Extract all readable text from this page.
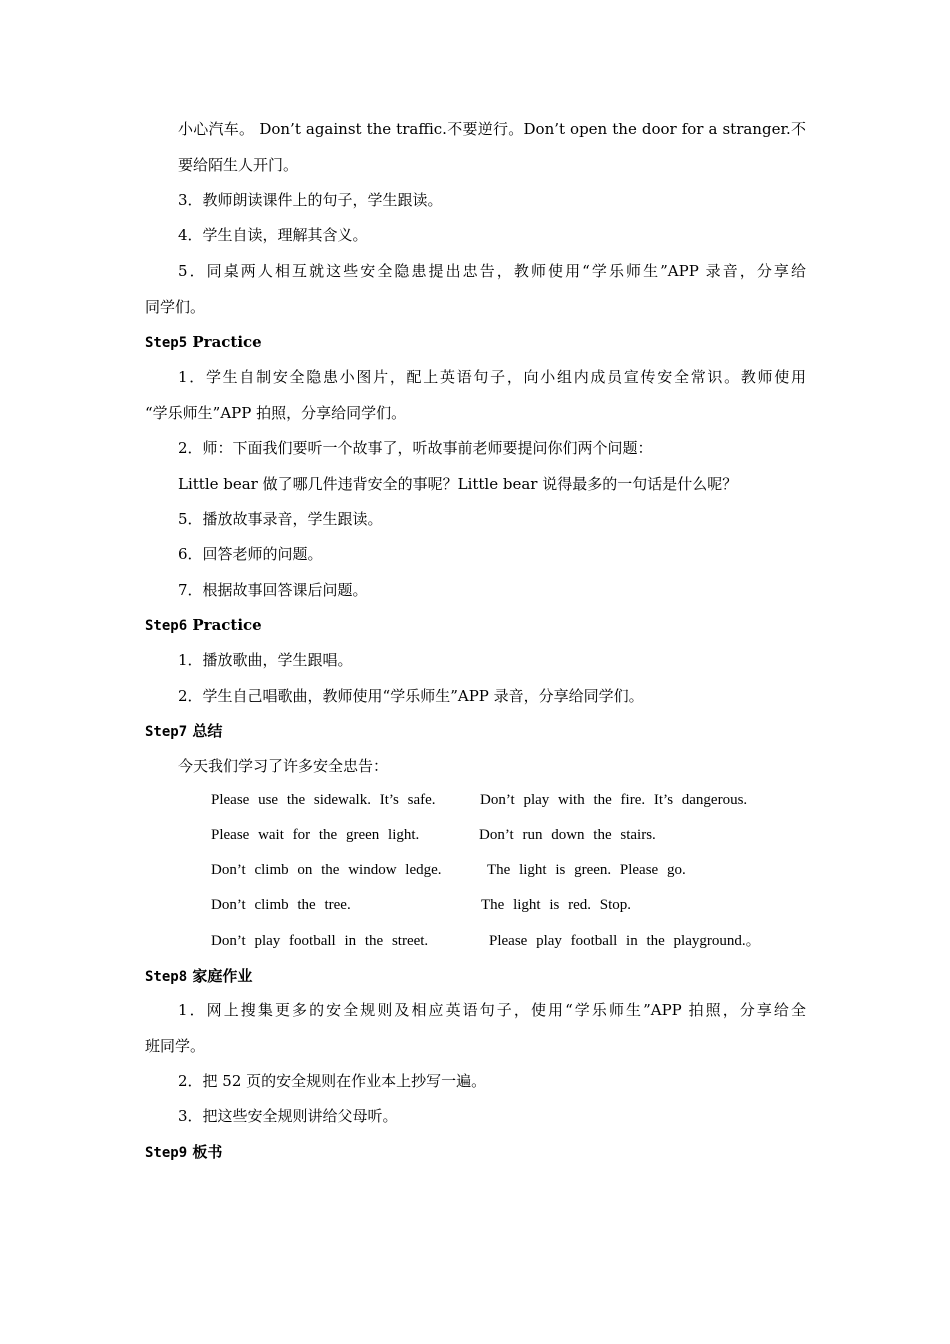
小心汽车。 Don’t against the traffic.不要逆行。Don’t open the door for a stranger.不
要给陌生人开门。
3．教师朗读课件上的句子，学生跟读。
4．学生自读，理解其含义。
5．同桌两人相互就这些安全隐患提出忠告，教师使用“学乐师生”APP 录音，分享给
同学们。
Step5 Practice
1．学生自制安全隐患小图片，配上英语句子，向小组内成员宣传安全常识。教师使用
“学乐师生”APP 拍照，分享给同学们。
2．师：下面我们要听一个故事了，听故事前老师要提问你们两个问题：
Little bear 做了哪几件违背安全的事呢？Little bear 说得最多的一句话是什么呢？
5．播放故事录音，学生跟读。
6．回答老师的问题。
7．根据故事回答课后问题。
Step6 Practice
1．播放歌曲，学生跟唱。
2．学生自己唱歌曲，教师使用“学乐师生”APP 录音，分享给同学们。
Step7 总结
今天我们学习了许多安全忠告：
Please use the sidewalk. It’s safe.	Don’t play with the fire. It’s dangerous.
Please wait for the green light.	Don’t run down the stairs.
Don’t climb on the window ledge.	The light is green. Please go.
Don’t climb the tree.	The light is red. Stop.
Don’t play football in the street.	Please play football in the playground.。
Step8 家庭作业
1．网上搜集更多的安全规则及相应英语句子，使用“学乐师生”APP 拍照，分享给全
班同学。
2．把 52 页的安全规则在作业本上抄写一遍。
3．把这些安全规则讲给父母听。
Step9 板书
